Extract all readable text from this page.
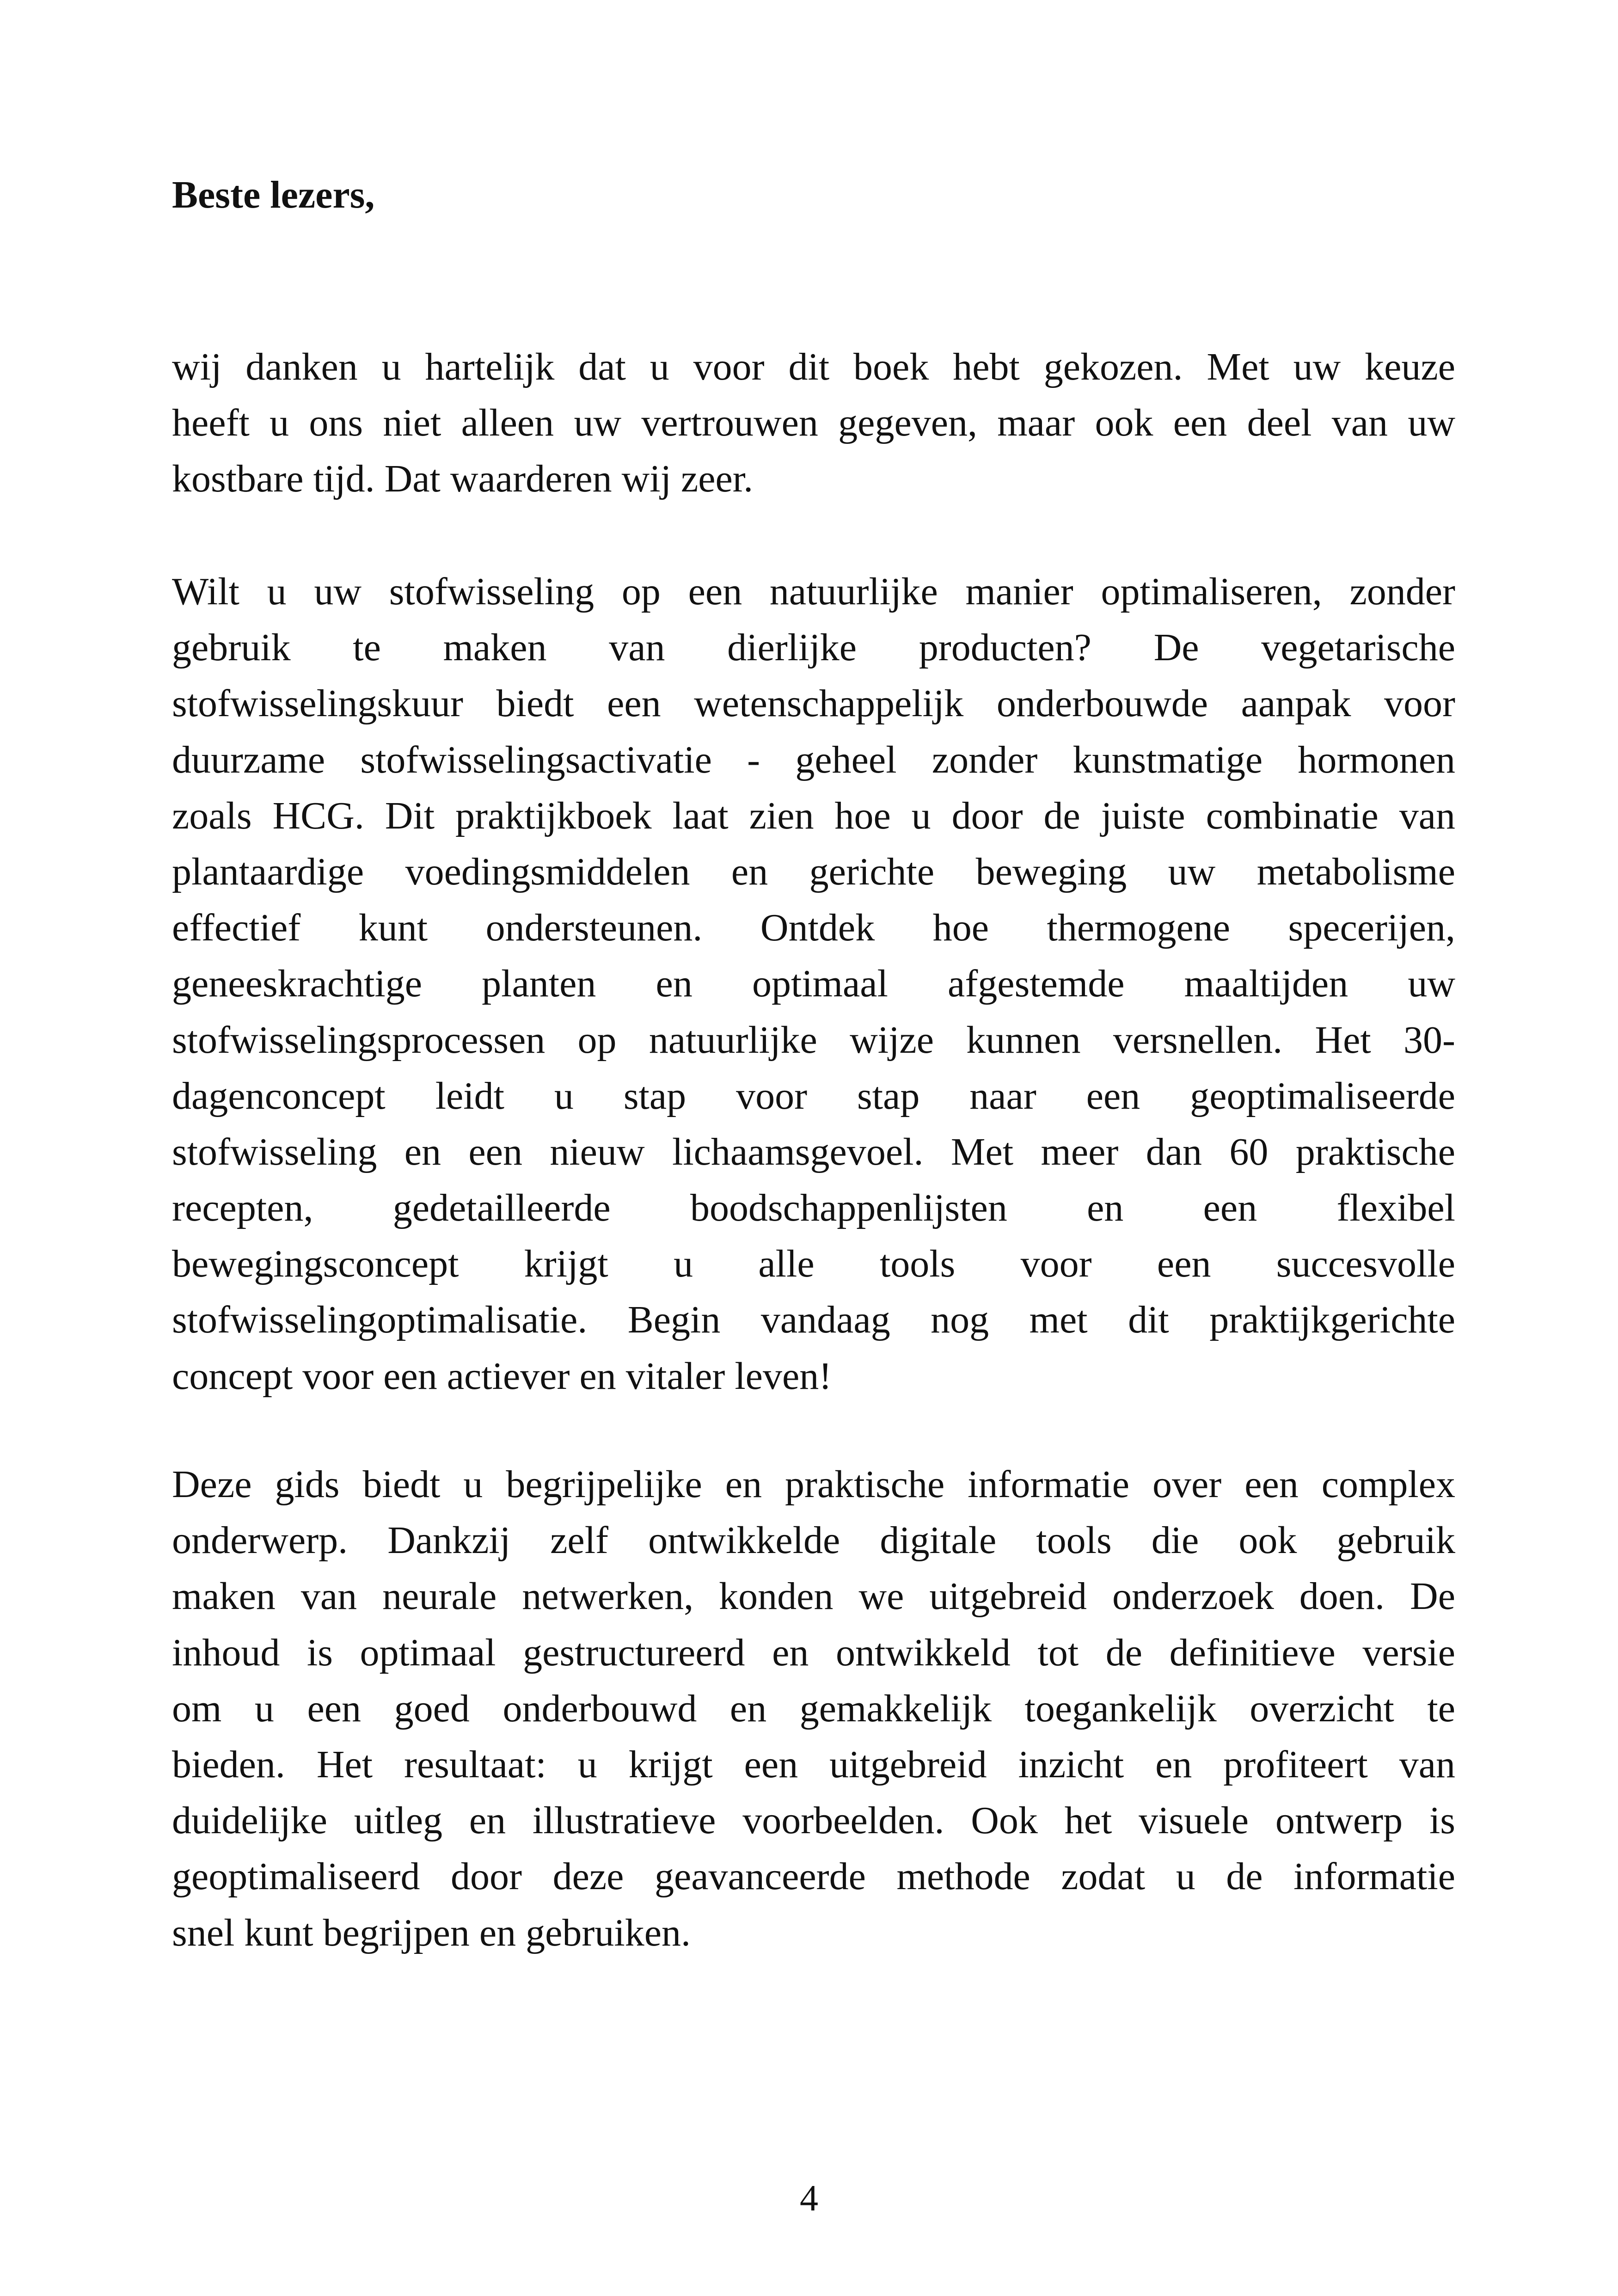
Beste lezers,

wij danken u hartelijk dat u voor dit boek hebt gekozen. Met uw keuze
heeft u ons niet alleen uw vertrouwen gegeven, maar ook een deel van uw
kostbare tijd. Dat waarderen wij zeer.
Wilt u uw stofwisseling op een natuurlijke manier optimaliseren, zonder
gebruik te maken van dierlijke producten? De vegetarische
stofwisselingskuur biedt een wetenschappelijk onderbouwde aanpak voor
duurzame stofwisselingsactivatie - geheel zonder kunstmatige hormonen
zoals HCG. Dit praktijkboek laat zien hoe u door de juiste combinatie van
plantaardige voedingsmiddelen en gerichte beweging uw metabolisme
effectief kunt ondersteunen. Ontdek hoe thermogene specerijen,
geneeskrachtige planten en optimaal afgestemde maaltijden uw
stofwisselingsprocessen op natuurlijke wijze kunnen versnellen. Het 30-
dagenconcept leidt u stap voor stap naar een geoptimaliseerde
stofwisseling en een nieuw lichaamsgevoel. Met meer dan 60 praktische
recepten, gedetailleerde boodschappenlijsten en een flexibel
bewegingsconcept krijgt u alle tools voor een succesvolle
stofwisselingoptimalisatie. Begin vandaag nog met dit praktijkgerichte
concept voor een actiever en vitaler leven!
Deze gids biedt u begrijpelijke en praktische informatie over een complex
onderwerp. Dankzij zelf ontwikkelde digitale tools die ook gebruik
maken van neurale netwerken, konden we uitgebreid onderzoek doen. De
inhoud is optimaal gestructureerd en ontwikkeld tot de definitieve versie
om u een goed onderbouwd en gemakkelijk toegankelijk overzicht te
bieden. Het resultaat: u krijgt een uitgebreid inzicht en profiteert van
duidelijke uitleg en illustratieve voorbeelden. Ook het visuele ontwerp is
geoptimaliseerd door deze geavanceerde methode zodat u de informatie
snel kunt begrijpen en gebruiken.

4
